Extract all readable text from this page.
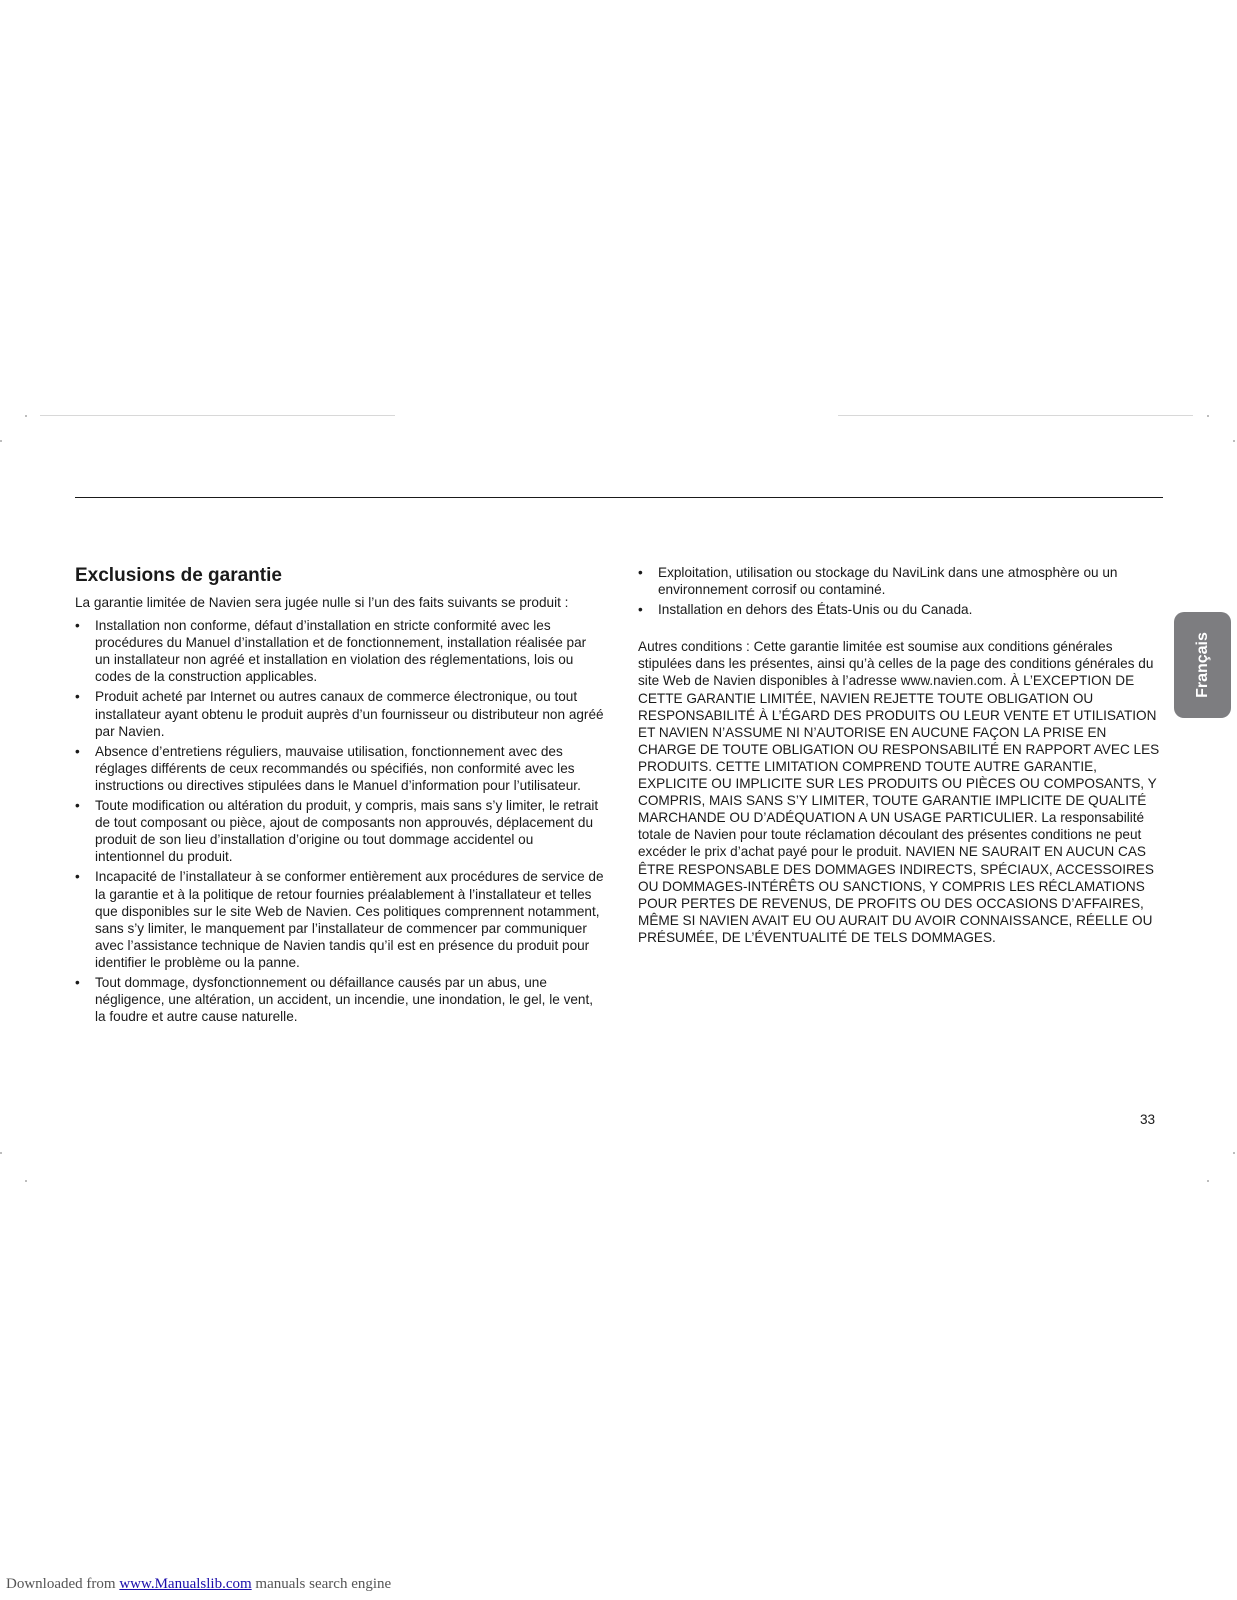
Exclusions de garantie

La garantie limitée de Navien sera jugée nulle si l’un des faits suivants se produit :

• Installation non conforme, défaut d’installation en stricte conformité avec les procédures du Manuel d’installation et de fonctionnement, installation réalisée par un installateur non agréé et installation en violation des réglementations, lois ou codes de la construction applicables.
• Produit acheté par Internet ou autres canaux de commerce électronique, ou tout installateur ayant obtenu le produit auprès d’un fournisseur ou distributeur non agréé par Navien.
• Absence d’entretiens réguliers, mauvaise utilisation, fonctionnement avec des réglages différents de ceux recommandés ou spécifiés, non conformité avec les instructions ou directives stipulées dans le Manuel d’information pour l’utilisateur.
• Toute modification ou altération du produit, y compris, mais sans s’y limiter, le retrait de tout composant ou pièce, ajout de composants non approuvés, déplacement du produit de son lieu d’installation d’origine ou tout dommage accidentel ou intentionnel du produit.
• Incapacité de l’installateur à se conformer entièrement aux procédures de service de la garantie et à la politique de retour fournies préalablement à l’installateur et telles que disponibles sur le site Web de Navien. Ces politiques comprennent notamment, sans s’y limiter, le manquement par l’installateur de commencer par communiquer avec l’assistance technique de Navien tandis qu’il est en présence du produit pour identifier le problème ou la panne.
• Tout dommage, dysfonctionnement ou défaillance causés par un abus, une négligence, une altération, un accident, un incendie, une inondation, le gel, le vent, la foudre et autre cause naturelle.
• Exploitation, utilisation ou stockage du NaviLink dans une atmosphère ou un environnement corrosif ou contaminé.
• Installation en dehors des États-Unis ou du Canada.

Autres conditions : Cette garantie limitée est soumise aux conditions générales stipulées dans les présentes, ainsi qu’à celles de la page des conditions générales du site Web de Navien disponibles à l’adresse www.navien.com. À L’EXCEPTION DE CETTE GARANTIE LIMITÉE, NAVIEN REJETTE TOUTE OBLIGATION OU RESPONSABILITÉ À L’ÉGARD DES PRODUITS OU LEUR VENTE ET UTILISATION ET NAVIEN N’ASSUME NI N’AUTORISE EN AUCUNE FAÇON LA PRISE EN CHARGE DE TOUTE OBLIGATION OU RESPONSABILITÉ EN RAPPORT AVEC LES PRODUITS. CETTE LIMITATION COMPREND TOUTE AUTRE GARANTIE, EXPLICITE OU IMPLICITE SUR LES PRODUITS OU PIÈCES OU COMPOSANTS, Y COMPRIS, MAIS SANS S’Y LIMITER, TOUTE GARANTIE IMPLICITE DE QUALITÉ MARCHANDE OU D’ADÉQUATION A UN USAGE PARTICULIER. La responsabilité totale de Navien pour toute réclamation découlant des présentes conditions ne peut excéder le prix d’achat payé pour le produit. NAVIEN NE SAURAIT EN AUCUN CAS ÊTRE RESPONSABLE DES DOMMAGES INDIRECTS, SPÉCIAUX, ACCESSOIRES OU DOMMAGES-INTÉRÊTS OU SANCTIONS, Y COMPRIS LES RÉCLAMATIONS POUR PERTES DE REVENUS, DE PROFITS OU DES OCCASIONS D’AFFAIRES, MÊME SI NAVIEN AVAIT EU OU AURAIT DU AVOIR CONNAISSANCE, RÉELLE OU PRÉSUMÉE, DE L’ÉVENTUALITÉ DE TELS DOMMAGES.

Français
33
Downloaded from www.Manualslib.com manuals search engine
